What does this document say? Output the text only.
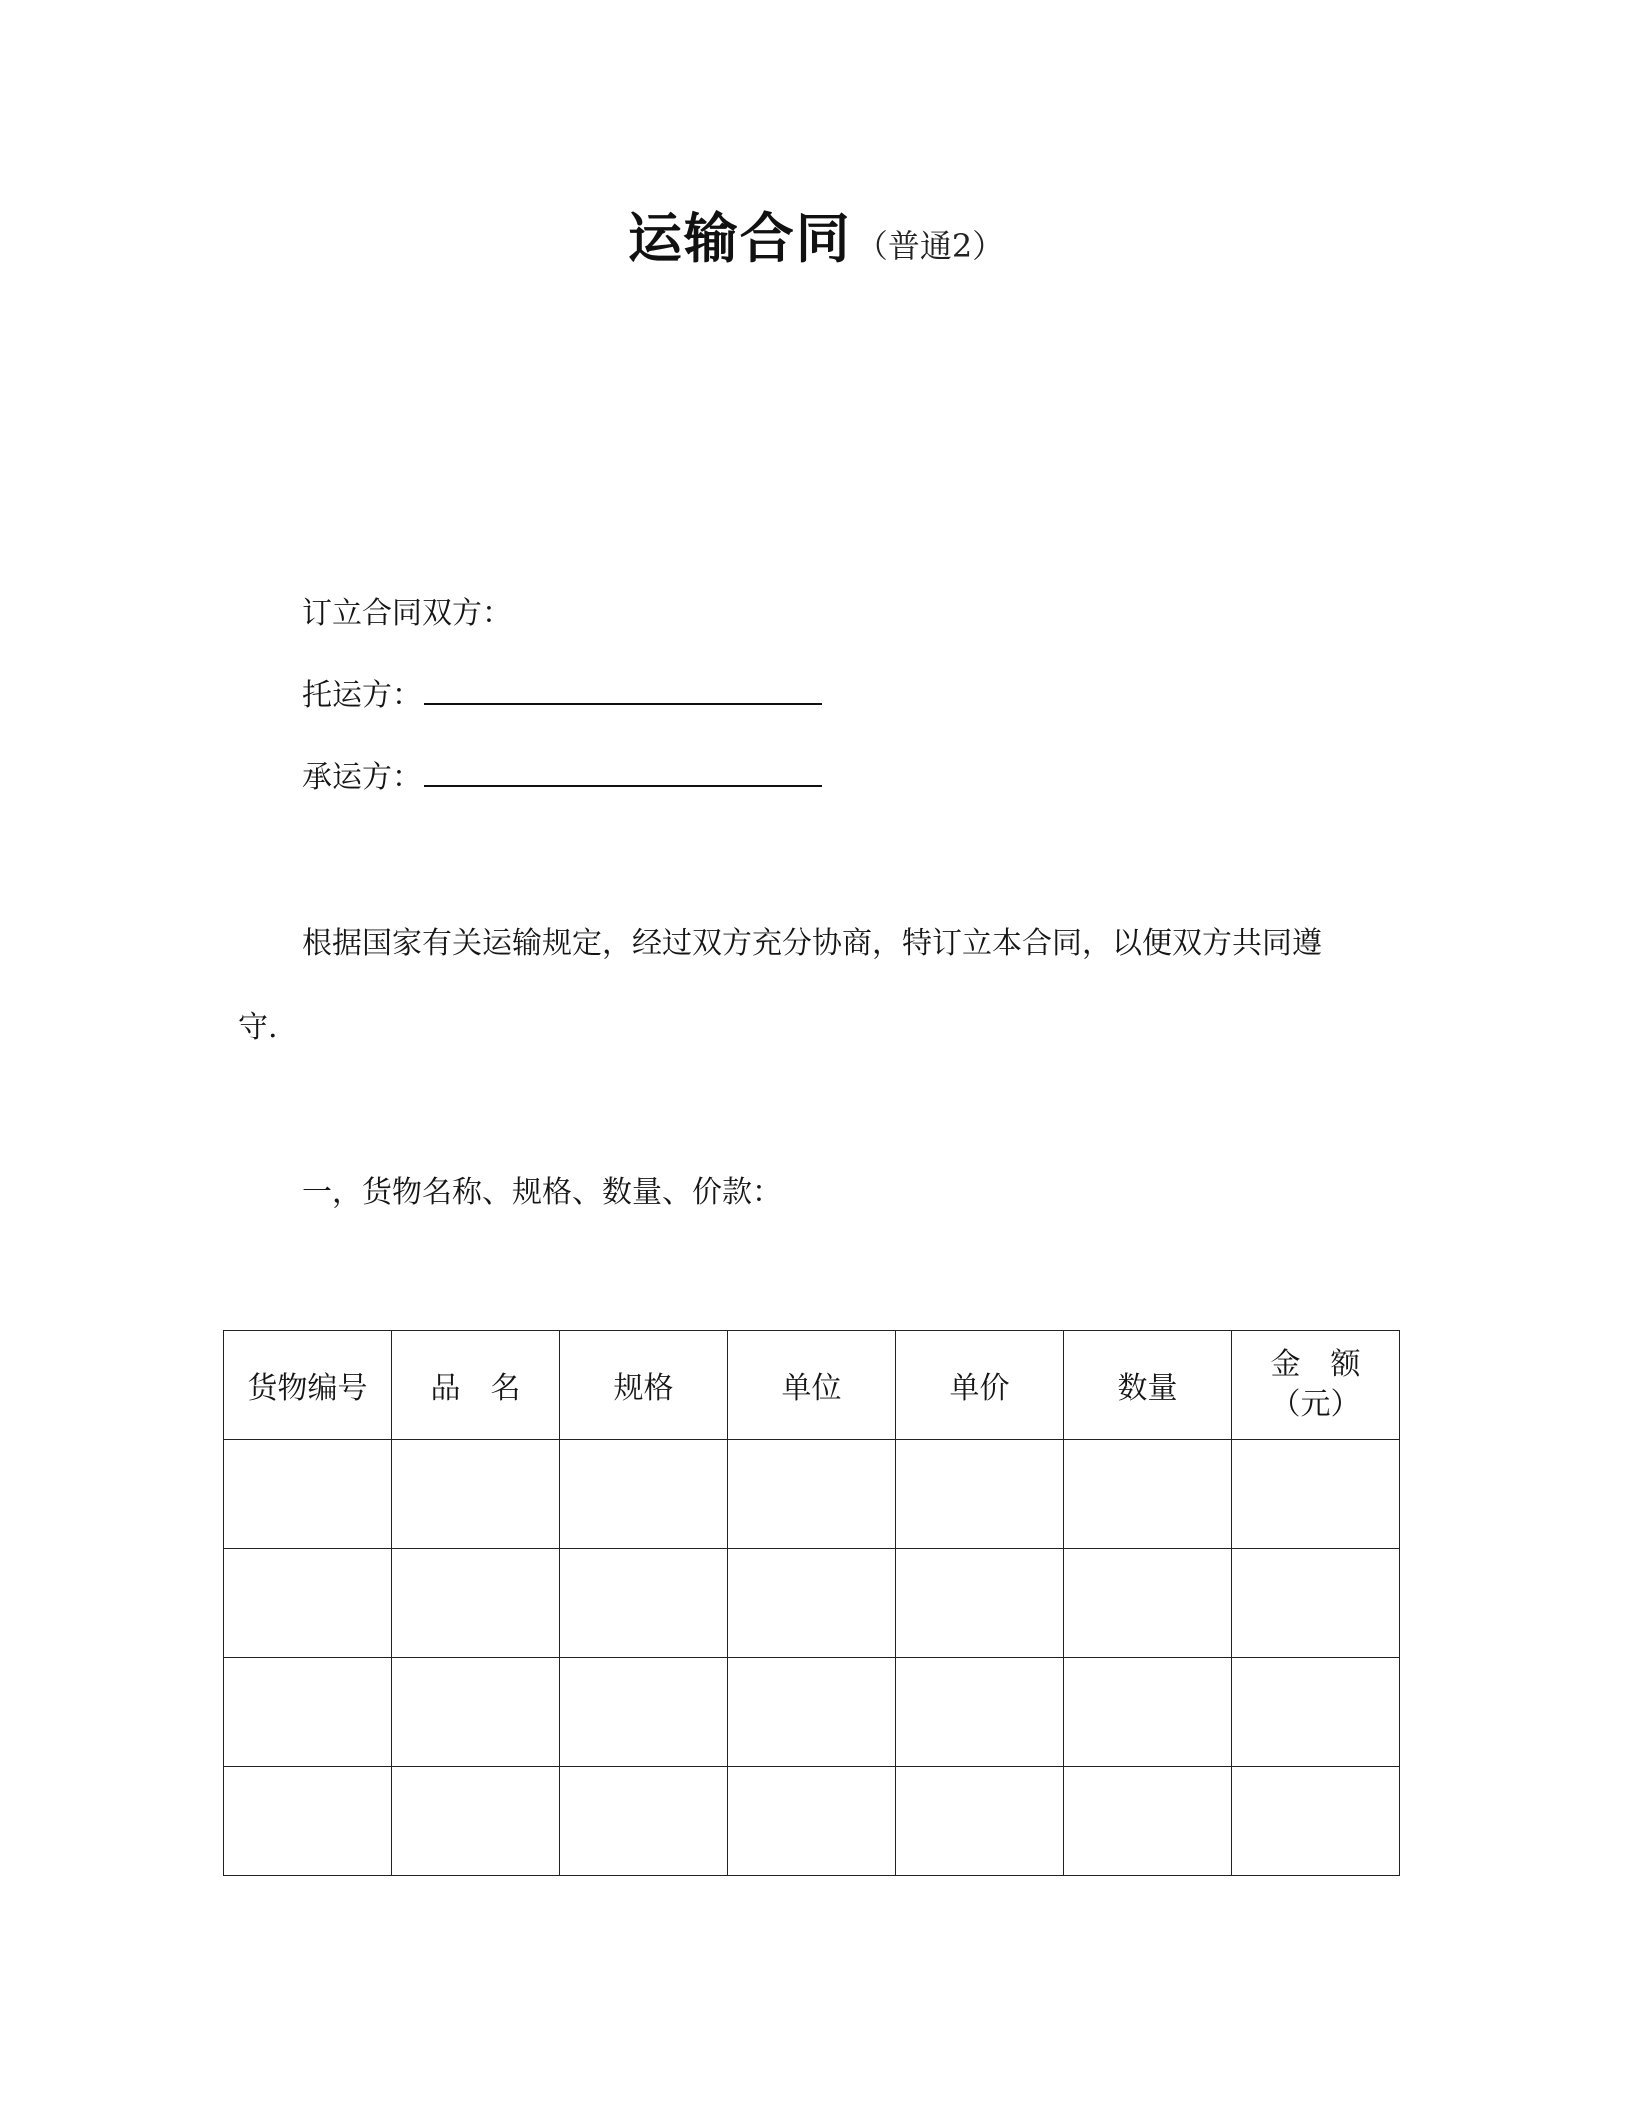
运输合同 （普通2）
订立合同双方：
托运方：
承运方：
根据国家有关运输规定，经过双方充分协商，特订立本合同，以便双方共同遵
守.
一，货物名称、规格、数量、价款：
货物编号	品　名	规格	单位	单价	数量	金　额
（元）
